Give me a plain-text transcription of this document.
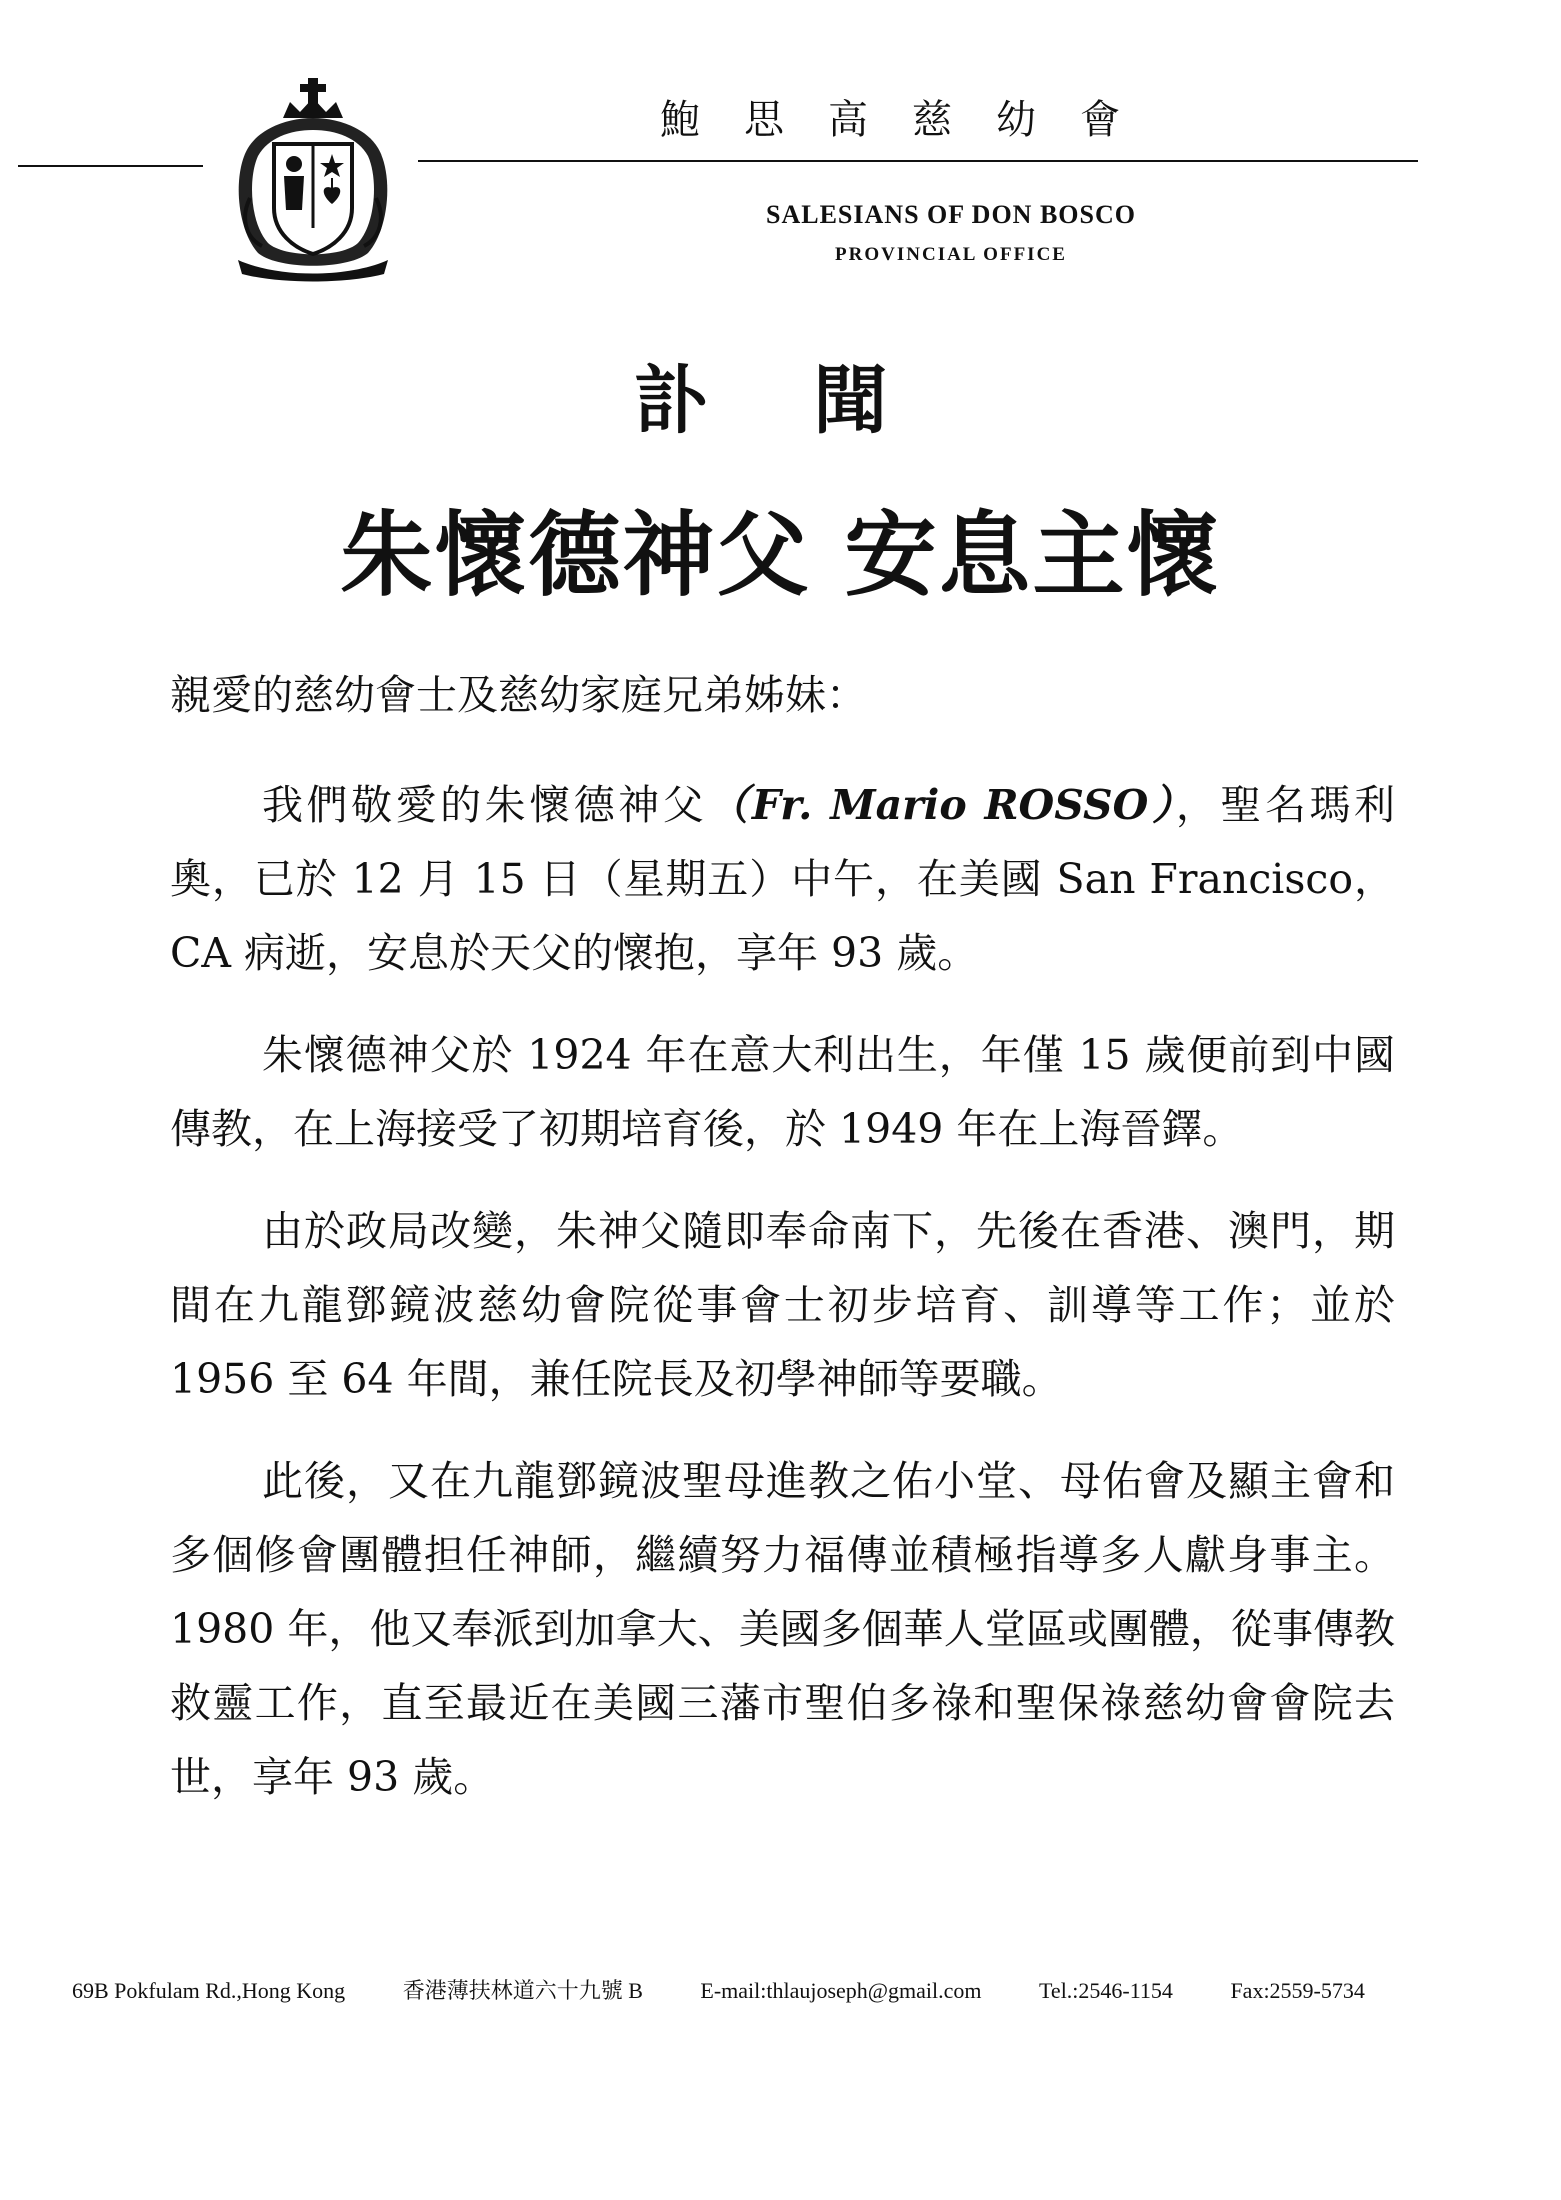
鮑思高慈幼會
SALESIANS OF DON BOSCO
PROVINCIAL OFFICE
訃 聞
朱懷德神父 安息主懷
親愛的慈幼會士及慈幼家庭兄弟姊妹：

我們敬愛的朱懷德神父（Fr. Mario ROSSO），聖名瑪利奧，已於 12 月 15 日（星期五）中午，在美國 San Francisco，CA 病逝，安息於天父的懷抱，享年 93 歲。

朱懷德神父於 1924 年在意大利出生，年僅 15 歲便前到中國傳教，在上海接受了初期培育後，於 1949 年在上海晉鐸。

由於政局改變，朱神父隨即奉命南下，先後在香港、澳門，期間在九龍鄧鏡波慈幼會院從事會士初步培育、訓導等工作；並於 1956 至 64 年間，兼任院長及初學神師等要職。

此後，又在九龍鄧鏡波聖母進教之佑小堂、母佑會及顯主會和多個修會團體担任神師，繼續努力福傳並積極指導多人獻身事主。1980 年，他又奉派到加拿大、美國多個華人堂區或團體，從事傳教救靈工作，直至最近在美國三藩市聖伯多祿和聖保祿慈幼會會院去世，享年 93 歲。

69B Pokfulam Rd.,Hong Kong	香港薄扶林道六十九號 B	E-mail:thlaujoseph@gmail.com	Tel.:2546-1154	Fax:2559-5734
